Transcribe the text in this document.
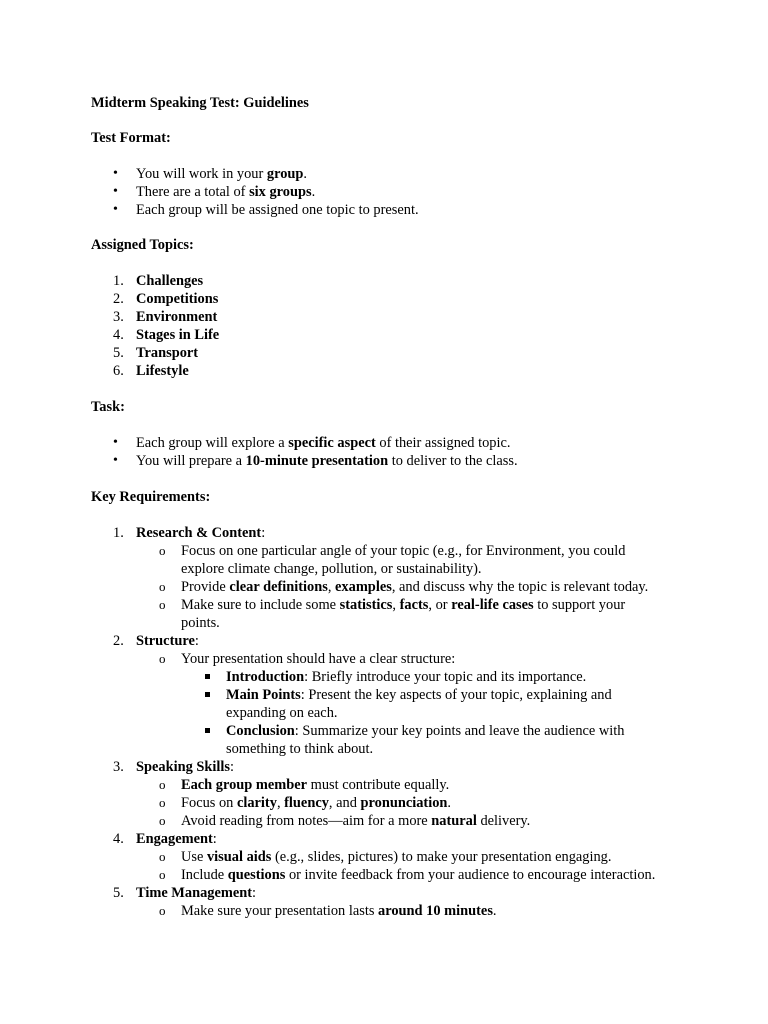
Midterm Speaking Test: Guidelines
Test Format:
• You will work in your group.
• There are a total of six groups.
• Each group will be assigned one topic to present.
Assigned Topics:
1. Challenges
2. Competitions
3. Environment
4. Stages in Life
5. Transport
6. Lifestyle
Task:
• Each group will explore a specific aspect of their assigned topic.
• You will prepare a 10-minute presentation to deliver to the class.
Key Requirements:
1. Research & Content:
o Focus on one particular angle of your topic (e.g., for Environment, you could
explore climate change, pollution, or sustainability).
o Provide clear definitions, examples, and discuss why the topic is relevant today.
o Make sure to include some statistics, facts, or real-life cases to support your
points.
2. Structure:
o Your presentation should have a clear structure:
Introduction: Briefly introduce your topic and its importance.
Main Points: Present the key aspects of your topic, explaining and
expanding on each.
Conclusion: Summarize your key points and leave the audience with
something to think about.
3. Speaking Skills:
o Each group member must contribute equally.
o Focus on clarity, fluency, and pronunciation.
o Avoid reading from notes—aim for a more natural delivery.
4. Engagement:
o Use visual aids (e.g., slides, pictures) to make your presentation engaging.
o Include questions or invite feedback from your audience to encourage interaction.
5. Time Management:
o Make sure your presentation lasts around 10 minutes.
